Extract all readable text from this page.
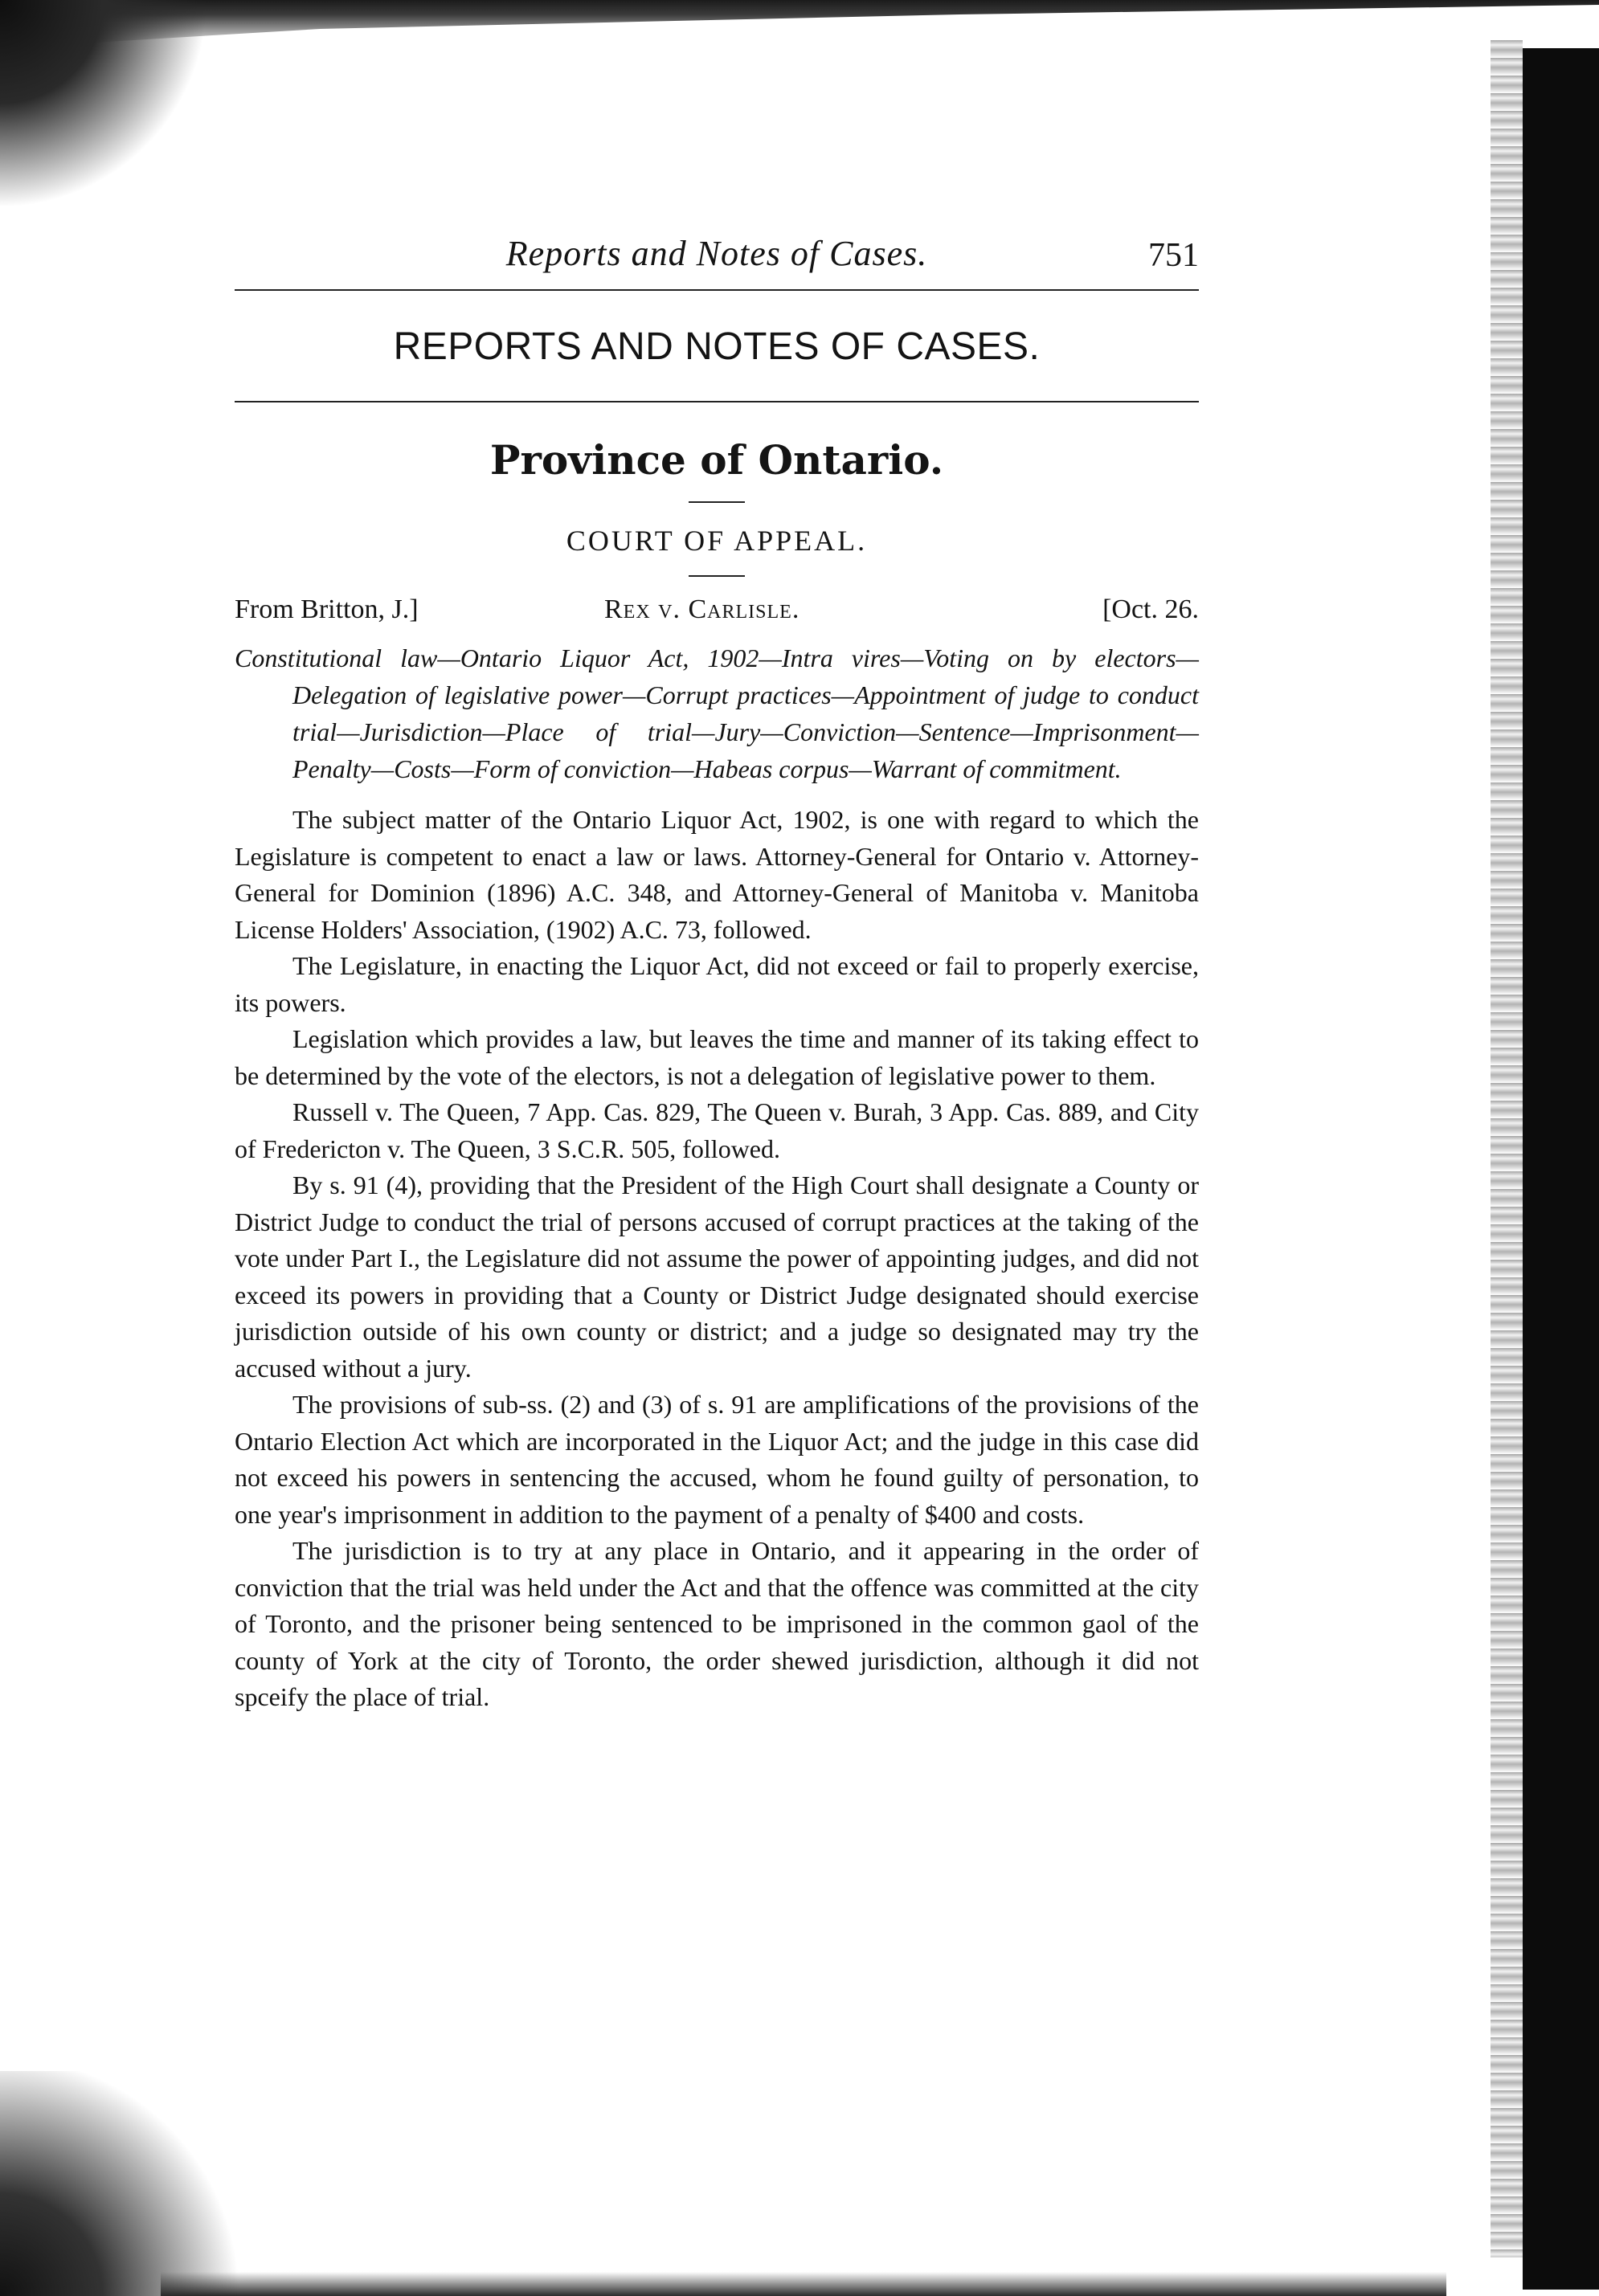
Reports and Notes of Cases.	751
REPORTS AND NOTES OF CASES.
Province of Ontario.
COURT OF APPEAL.
From Britton, J.]	Rex v. Carlisle.	[Oct. 26.
Constitutional law—Ontario Liquor Act, 1902—Intra vires—Voting on by electors—Delegation of legislative power—Corrupt practices—Appointment of judge to conduct trial—Jurisdiction—Place of trial—Jury—Conviction—Sentence—Imprisonment—Penalty—Costs—Form of conviction—Habeas corpus—Warrant of commitment.

The subject matter of the Ontario Liquor Act, 1902, is one with regard to which the Legislature is competent to enact a law or laws. Attorney-General for Ontario v. Attorney-General for Dominion (1896) A.C. 348, and Attorney-General of Manitoba v. Manitoba License Holders' Association, (1902) A.C. 73, followed.

The Legislature, in enacting the Liquor Act, did not exceed or fail to properly exercise, its powers.

Legislation which provides a law, but leaves the time and manner of its taking effect to be determined by the vote of the electors, is not a delegation of legislative power to them.

Russell v. The Queen, 7 App. Cas. 829, The Queen v. Burah, 3 App. Cas. 889, and City of Fredericton v. The Queen, 3 S.C.R. 505, followed.

By s. 91 (4), providing that the President of the High Court shall designate a County or District Judge to conduct the trial of persons accused of corrupt practices at the taking of the vote under Part I., the Legislature did not assume the power of appointing judges, and did not exceed its powers in providing that a County or District Judge designated should exercise jurisdiction outside of his own county or district; and a judge so designated may try the accused without a jury.

The provisions of sub-ss. (2) and (3) of s. 91 are amplifications of the provisions of the Ontario Election Act which are incorporated in the Liquor Act; and the judge in this case did not exceed his powers in sentencing the accused, whom he found guilty of personation, to one year's imprisonment in addition to the payment of a penalty of $400 and costs.

The jurisdiction is to try at any place in Ontario, and it appearing in the order of conviction that the trial was held under the Act and that the offence was committed at the city of Toronto, and the prisoner being sentenced to be imprisoned in the common gaol of the county of York at the city of Toronto, the order shewed jurisdiction, although it did not spceify the place of trial.
